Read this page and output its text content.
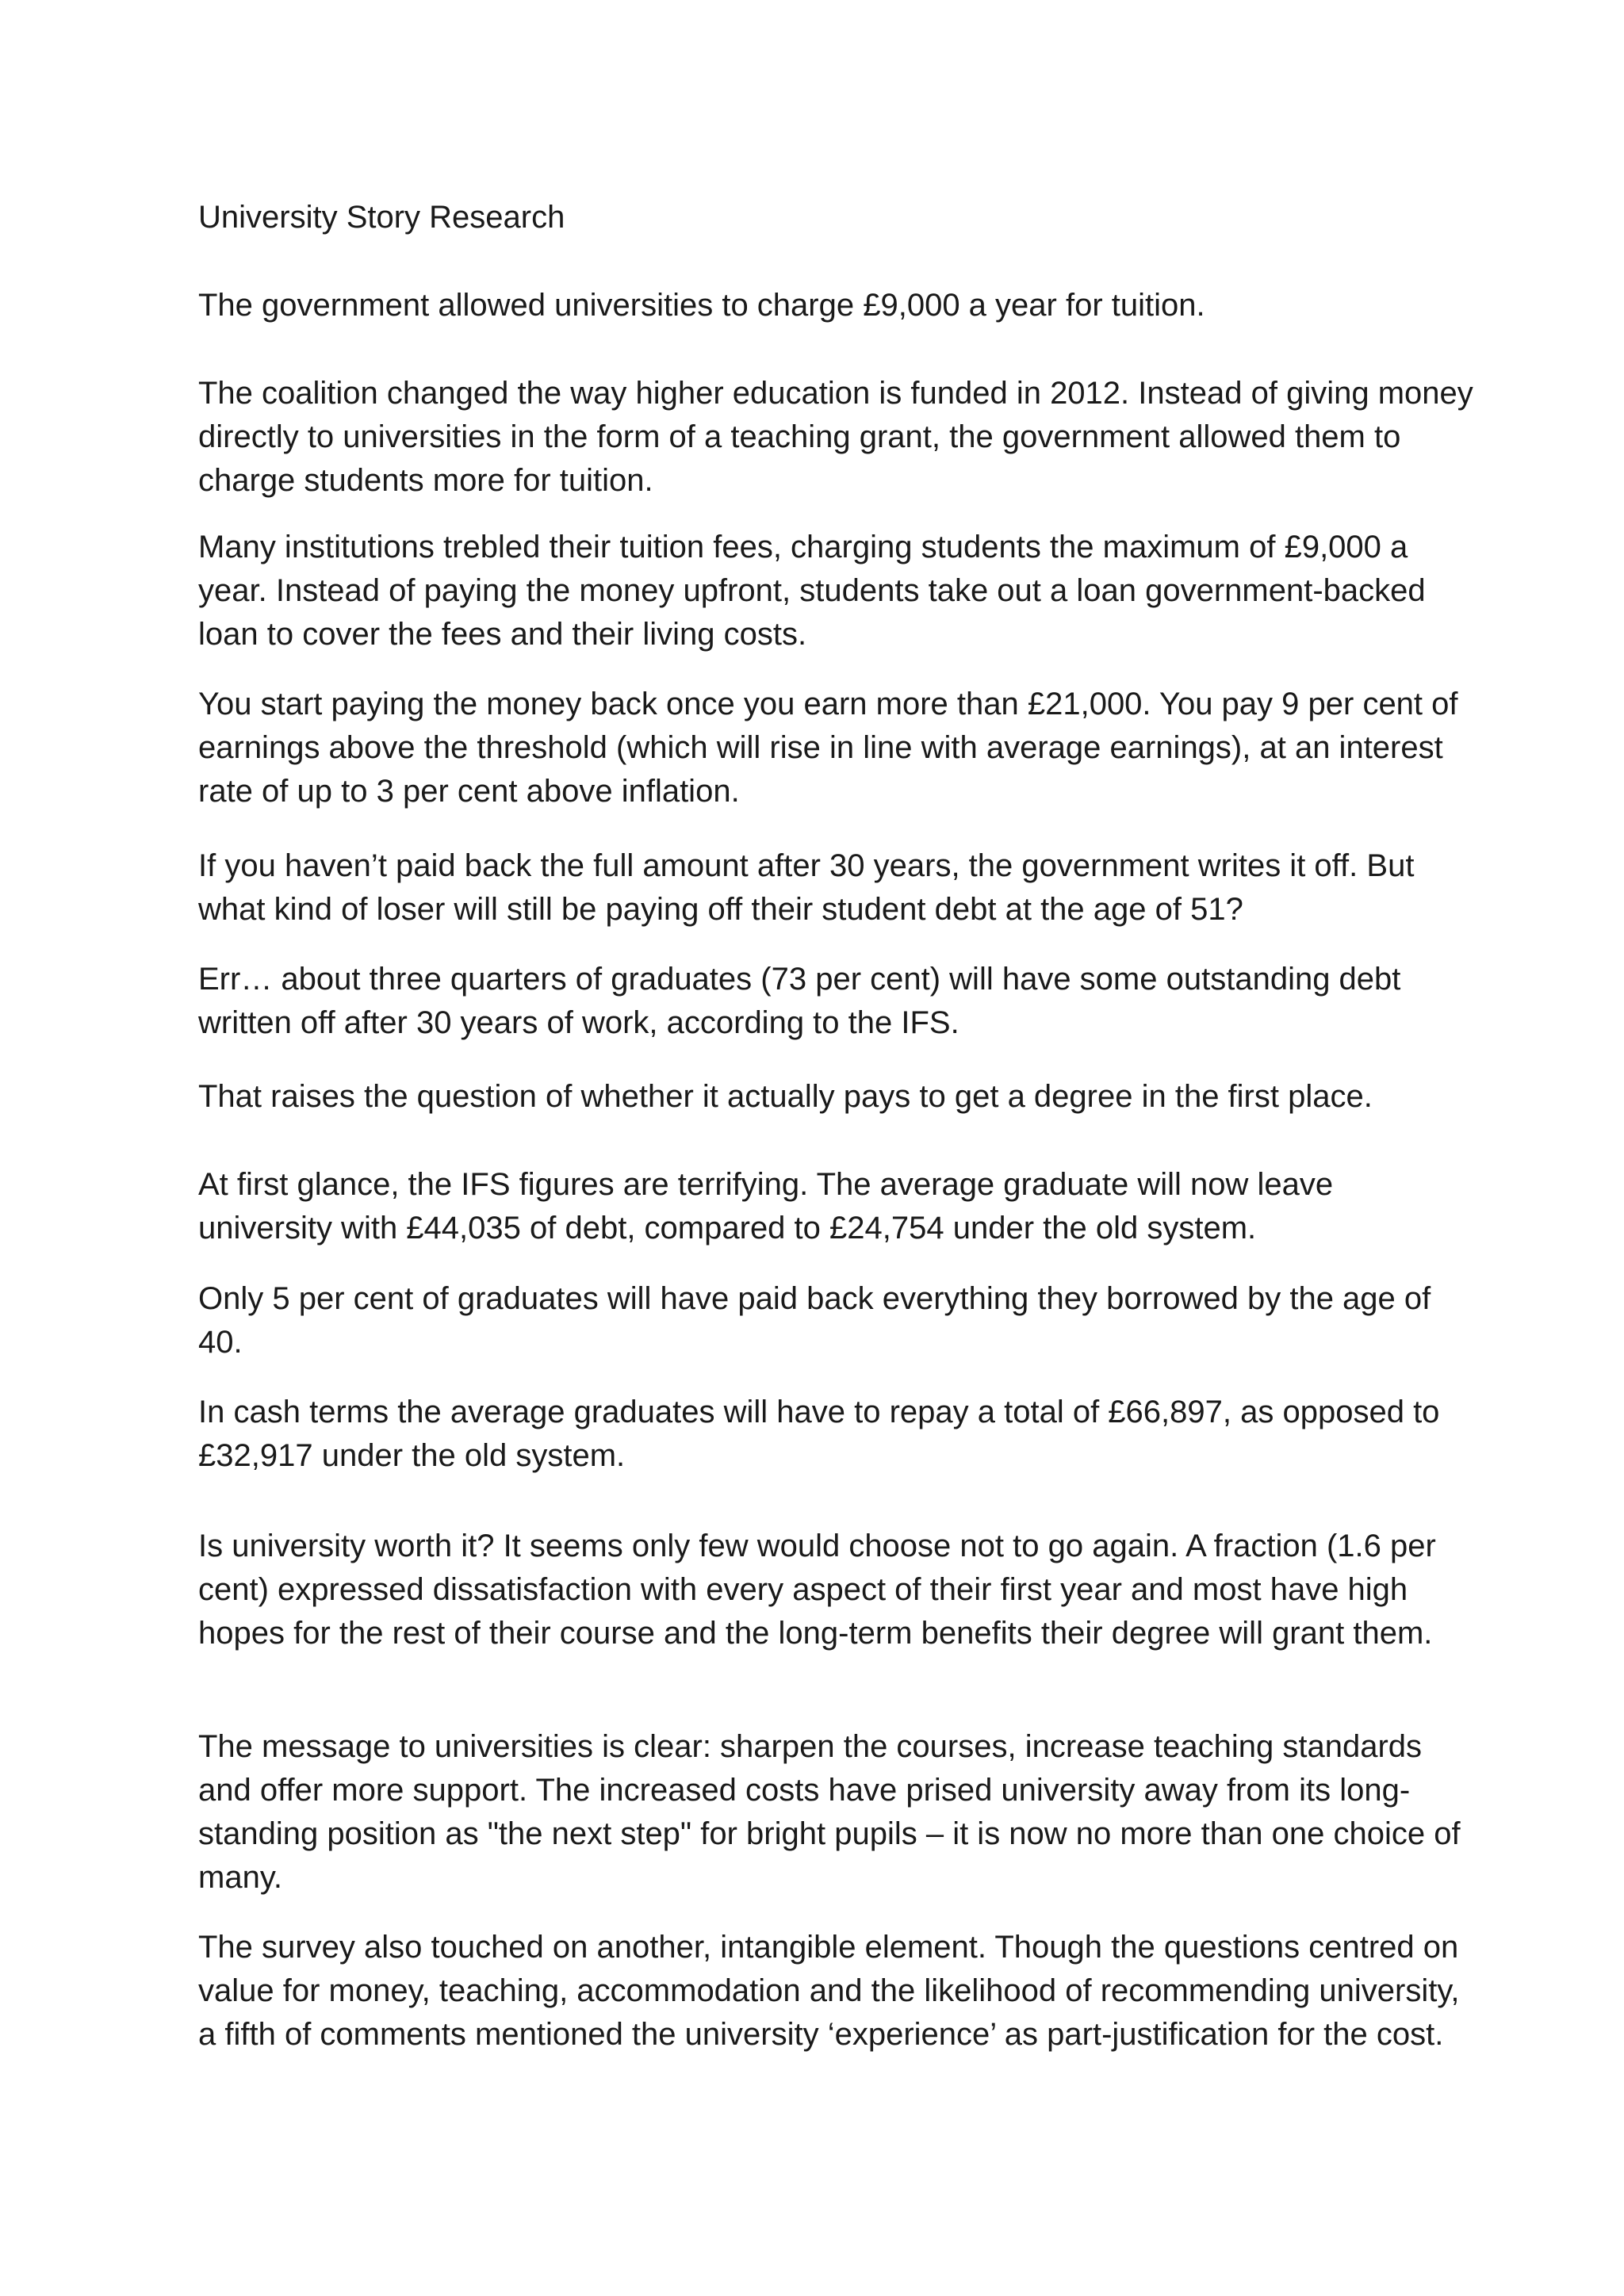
University Story Research

The government allowed universities to charge £9,000 a year for tuition.

The coalition changed the way higher education is funded in 2012. Instead of giving money directly to universities in the form of a teaching grant, the government allowed them to charge students more for tuition.

Many institutions trebled their tuition fees, charging students the maximum of £9,000 a year. Instead of paying the money upfront, students take out a loan government-backed loan to cover the fees and their living costs.

You start paying the money back once you earn more than £21,000. You pay 9 per cent of earnings above the threshold (which will rise in line with average earnings), at an interest rate of up to 3 per cent above inflation.

If you haven’t paid back the full amount after 30 years, the government writes it off. But what kind of loser will still be paying off their student debt at the age of 51?

Err… about three quarters of graduates (73 per cent) will have some outstanding debt written off after 30 years of work, according to the IFS.

That raises the question of whether it actually pays to get a degree in the first place.

At first glance, the IFS figures are terrifying. The average graduate will now leave university with £44,035 of debt, compared to £24,754 under the old system.

Only 5 per cent of graduates will have paid back everything they borrowed by the age of 40.

In cash terms the average graduates will have to repay a total of £66,897, as opposed to £32,917 under the old system.

Is university worth it? It seems only few would choose not to go again. A fraction (1.6 per cent) expressed dissatisfaction with every aspect of their first year and most have high hopes for the rest of their course and the long-term benefits their degree will grant them.

The message to universities is clear: sharpen the courses, increase teaching standards and offer more support. The increased costs have prised university away from its long-standing position as "the next step" for bright pupils – it is now no more than one choice of many.

The survey also touched on another, intangible element. Though the questions centred on value for money, teaching, accommodation and the likelihood of recommending university, a fifth of comments mentioned the university ‘experience’ as part-justification for the cost.
